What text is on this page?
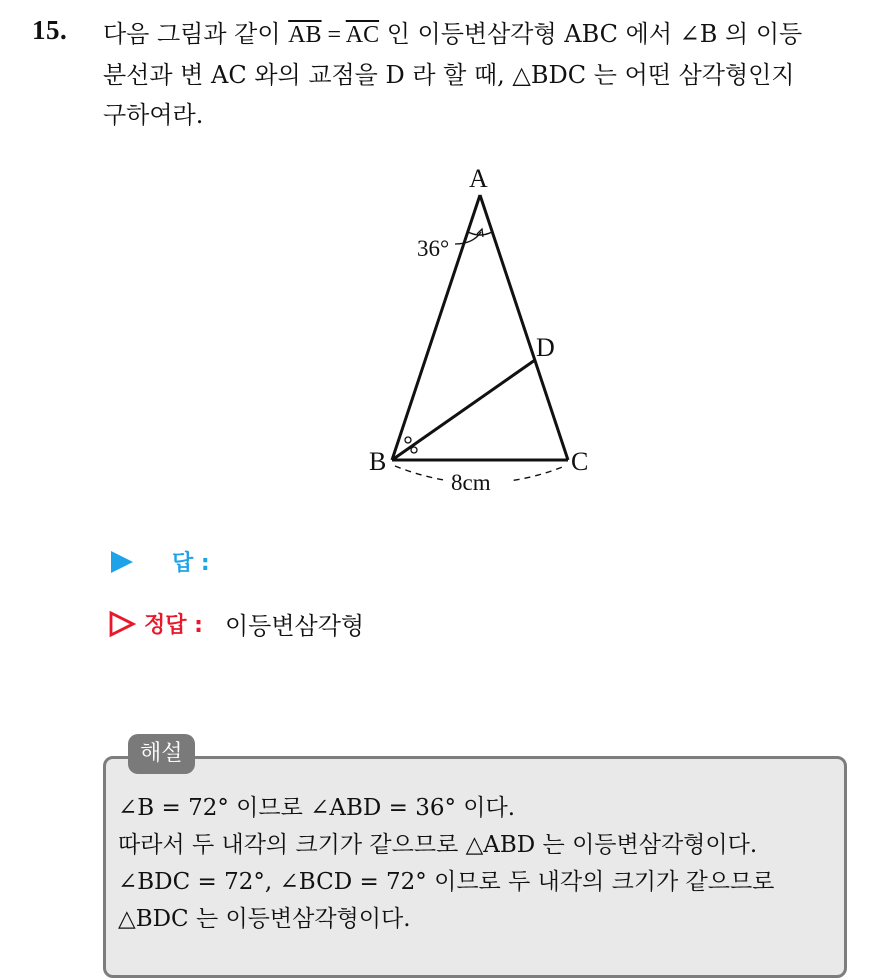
15. 다음 그림과 같이 $\overline{AB} = \overline{AC}$ 인 이등변삼각형 ABC 에서 ∠B 의 이등
분선과 변 AC 와의 교점을 D 라 할 때, △BDC 는 어떤 삼각형인지
구하여라.
A
B	C
D
36°
8cm
답 :
정답 : 이등변삼각형
해설
∠B = 72° 이므로 ∠ABD = 36° 이다.
따라서 두 내각의 크기가 같으므로 △ABD 는 이등변삼각형이다.
∠BDC = 72°, ∠BCD = 72° 이므로 두 내각의 크기가 같으므로
△BDC 는 이등변삼각형이다.
